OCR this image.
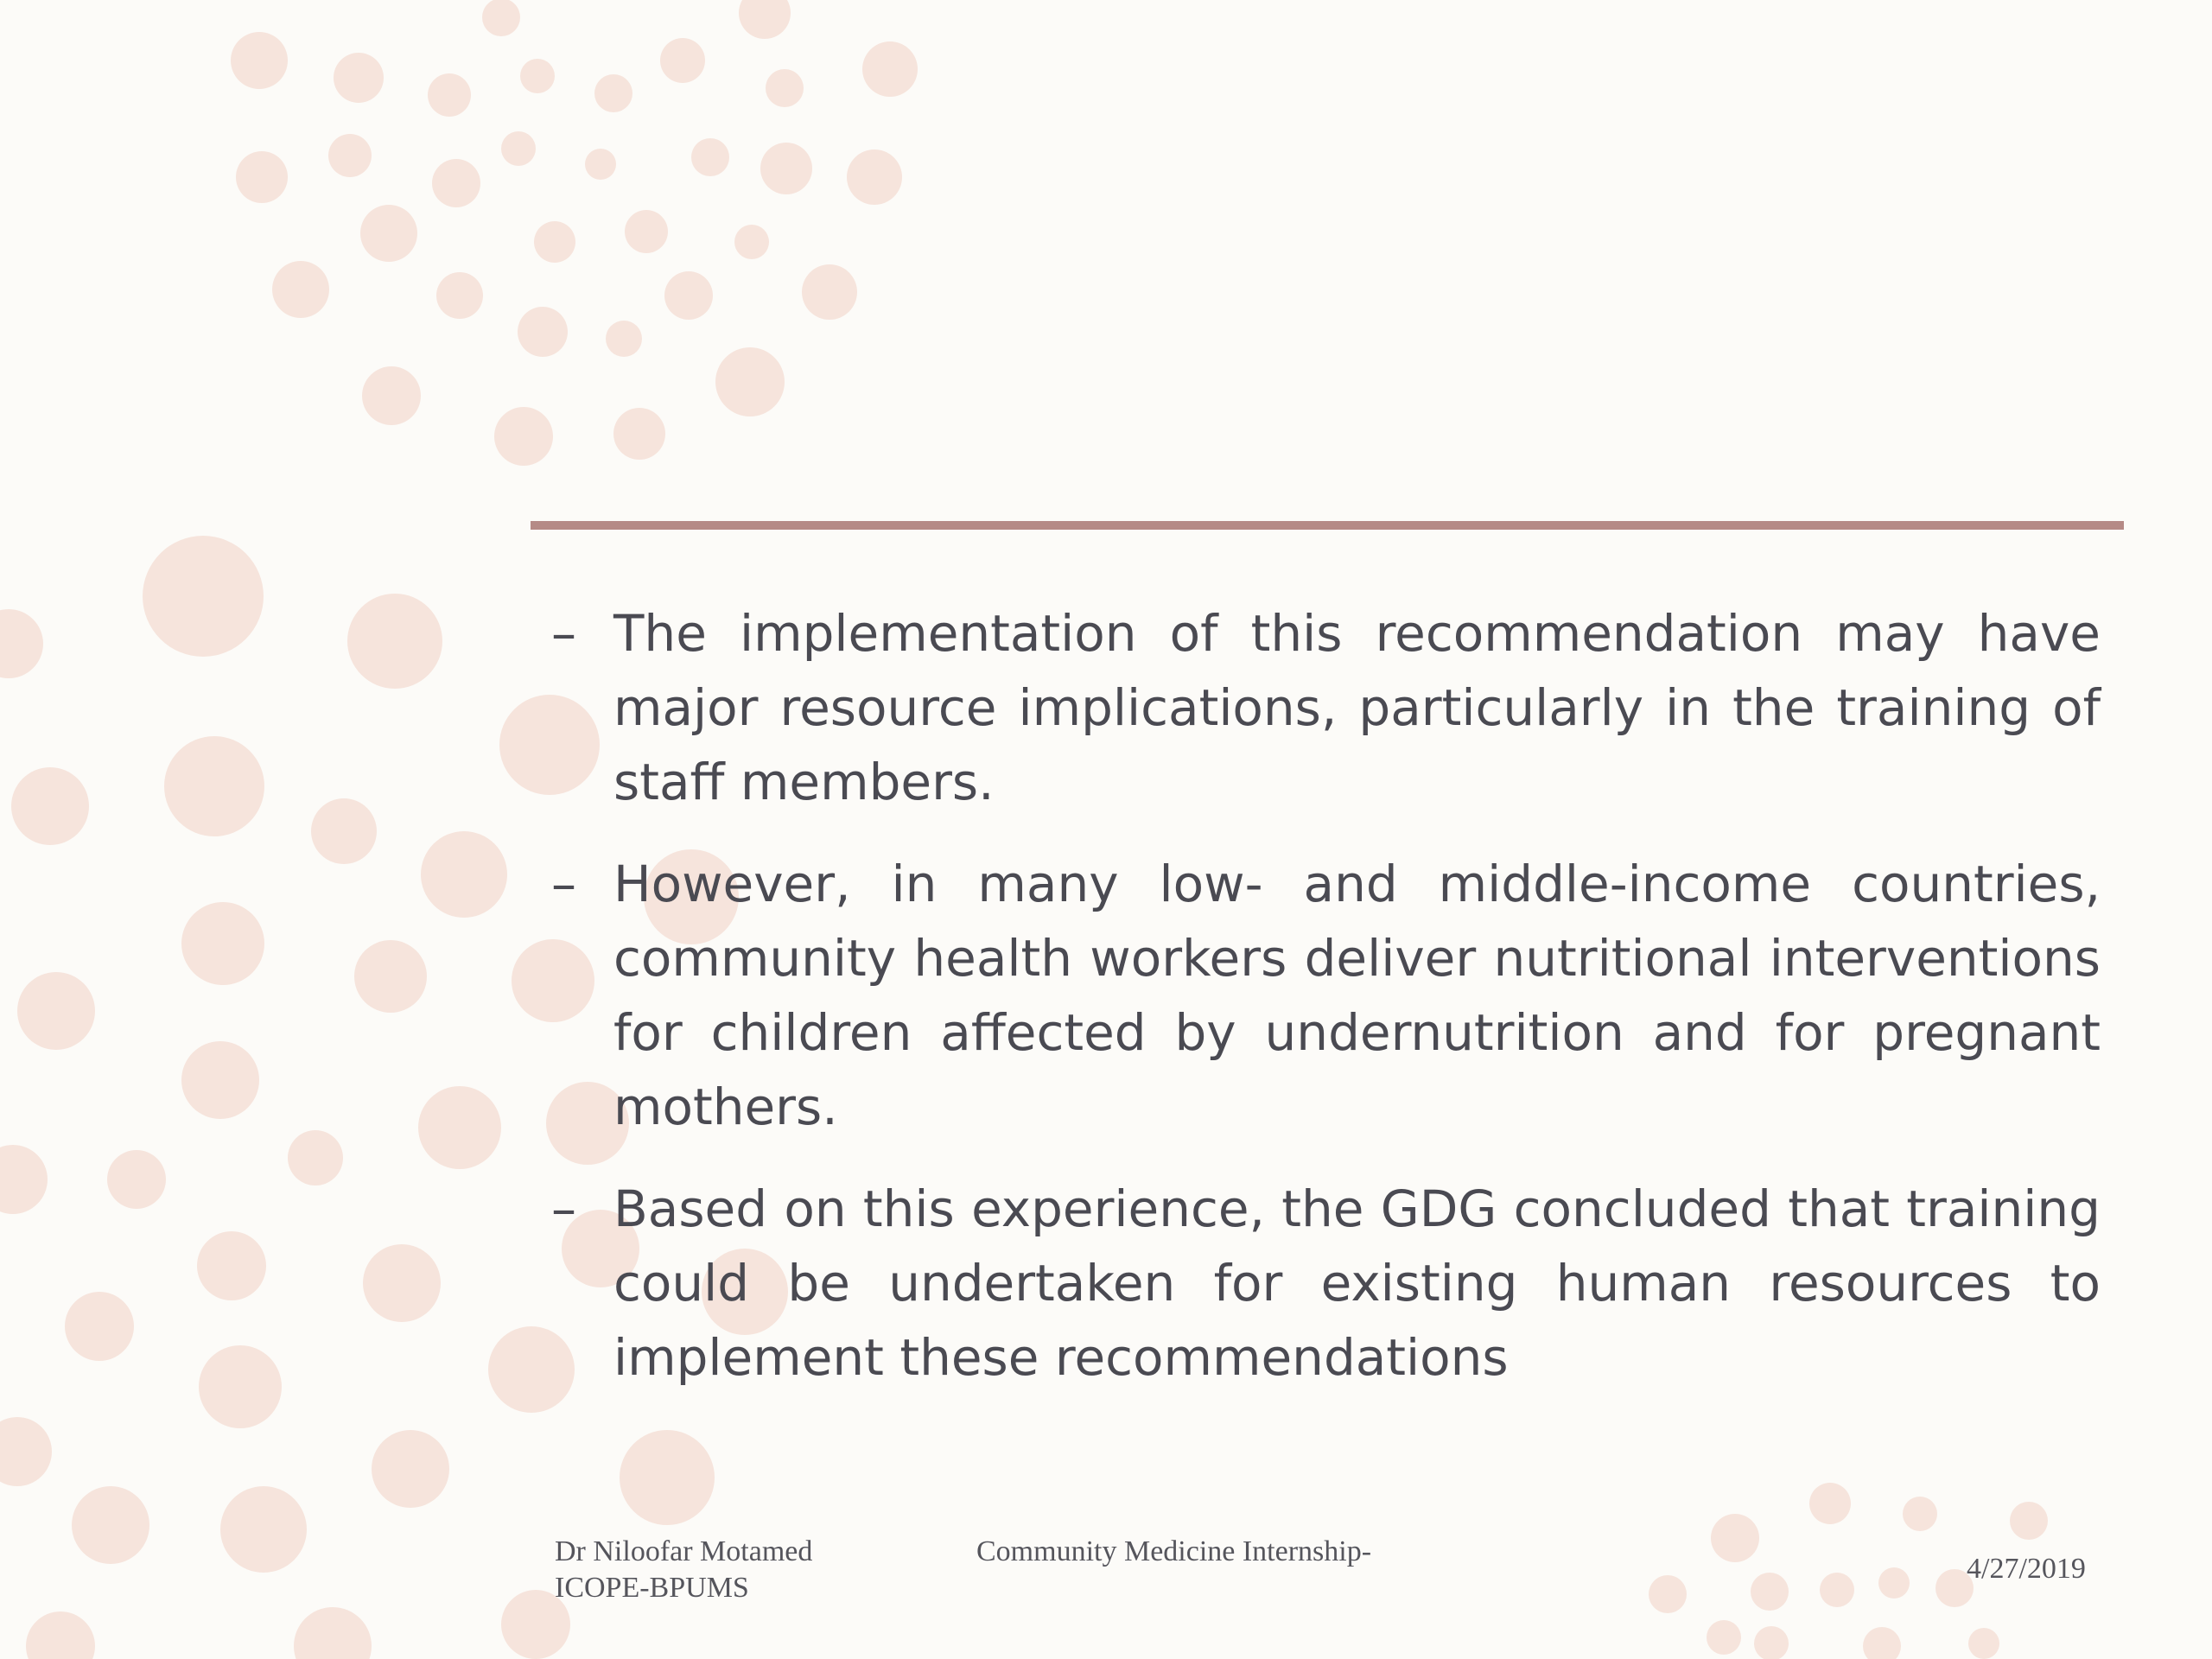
– The implementation of this recommendation may have major resource implications, particularly in the training of staff members.
– However, in many low- and middle-income countries, community health workers deliver nutritional interventions for children affected by undernutrition and for pregnant mothers.
– Based on this experience, the GDG concluded that training could be undertaken for existing human resources to implement these recommendations
Dr Niloofar Motamed
ICOPE-BPUMS
Community Medicine Internship-
4/27/2019
